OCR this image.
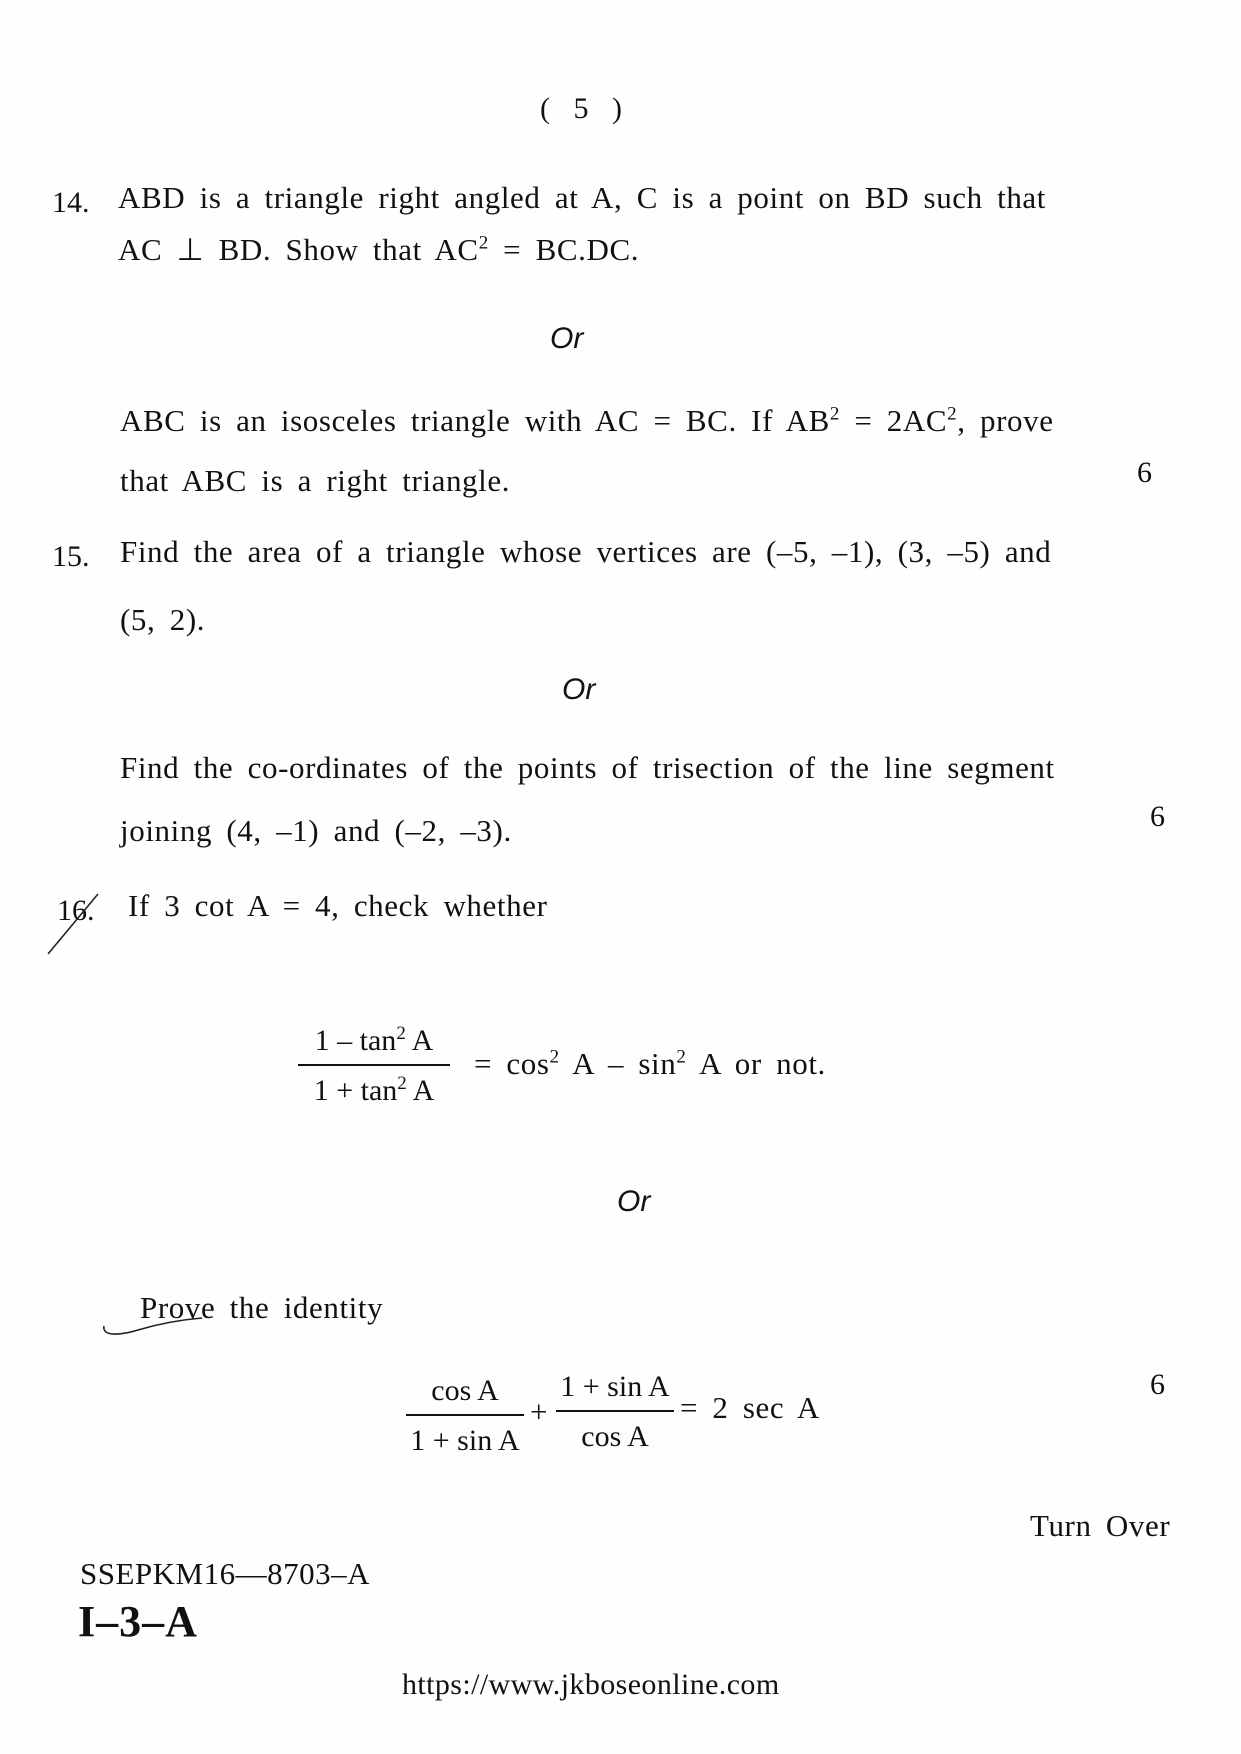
( 5 )
14. ABD is a triangle right angled at A, C is a point on BD such that
AC ⊥ BD. Show that $AC^2 = BC.DC$.
Or
ABC is an isosceles triangle with AC = BC. If $AB^2 = 2AC^2$, prove
that ABC is a right triangle.	6
15. Find the area of a triangle whose vertices are (–5, –1), (3, –5) and
(5, 2).
Or
Find the co-ordinates of the points of trisection of the line segment
joining (4, –1) and (–2, –3).	6
16. If 3 cot A = 4, check whether
$1 - \tan^2 A$
$1 + \tan^2 A$
= $\cos^2 A - \sin^2 A$ or not.
Or
Prove the identity
cos A
1 + sin A
+
1 + sin A
cos A
= 2 sec A
6
Turn Over
SSEPKM16—8703–A
I–3–A
https://www.jkboseonline.com
